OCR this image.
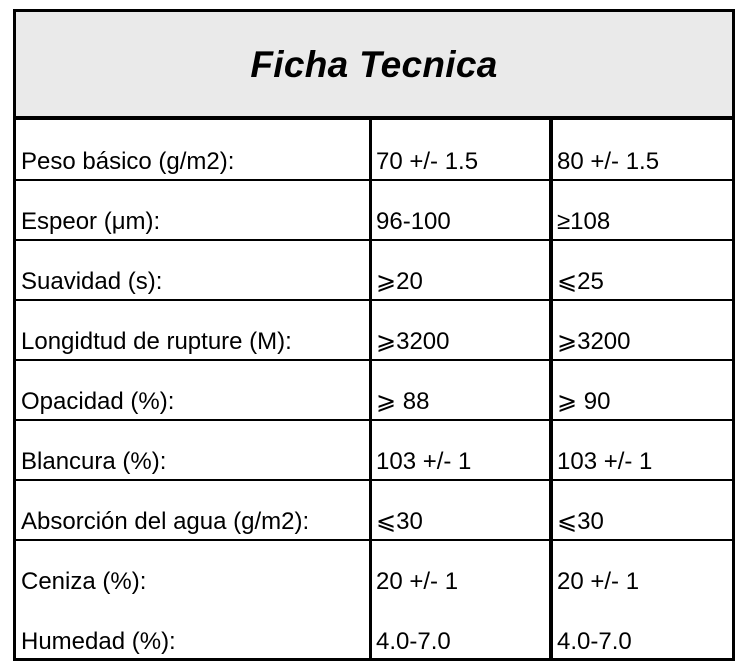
Ficha Tecnica
Peso básico (g/m2):	70 +/- 1.5	80 +/- 1.5
Espeor (μm):	96-100	≥108
Suavidad (s):	⩾20	⩽25
Longidtud de rupture (M):	⩾3200	⩾3200
Opacidad (%):	⩾ 88	⩾ 90
Blancura (%):	103 +/- 1	103 +/- 1
Absorción del agua (g/m2):	⩽30	⩽30
Ceniza (%):	20 +/- 1	20 +/- 1
Humedad (%):	4.0-7.0	4.0-7.0
